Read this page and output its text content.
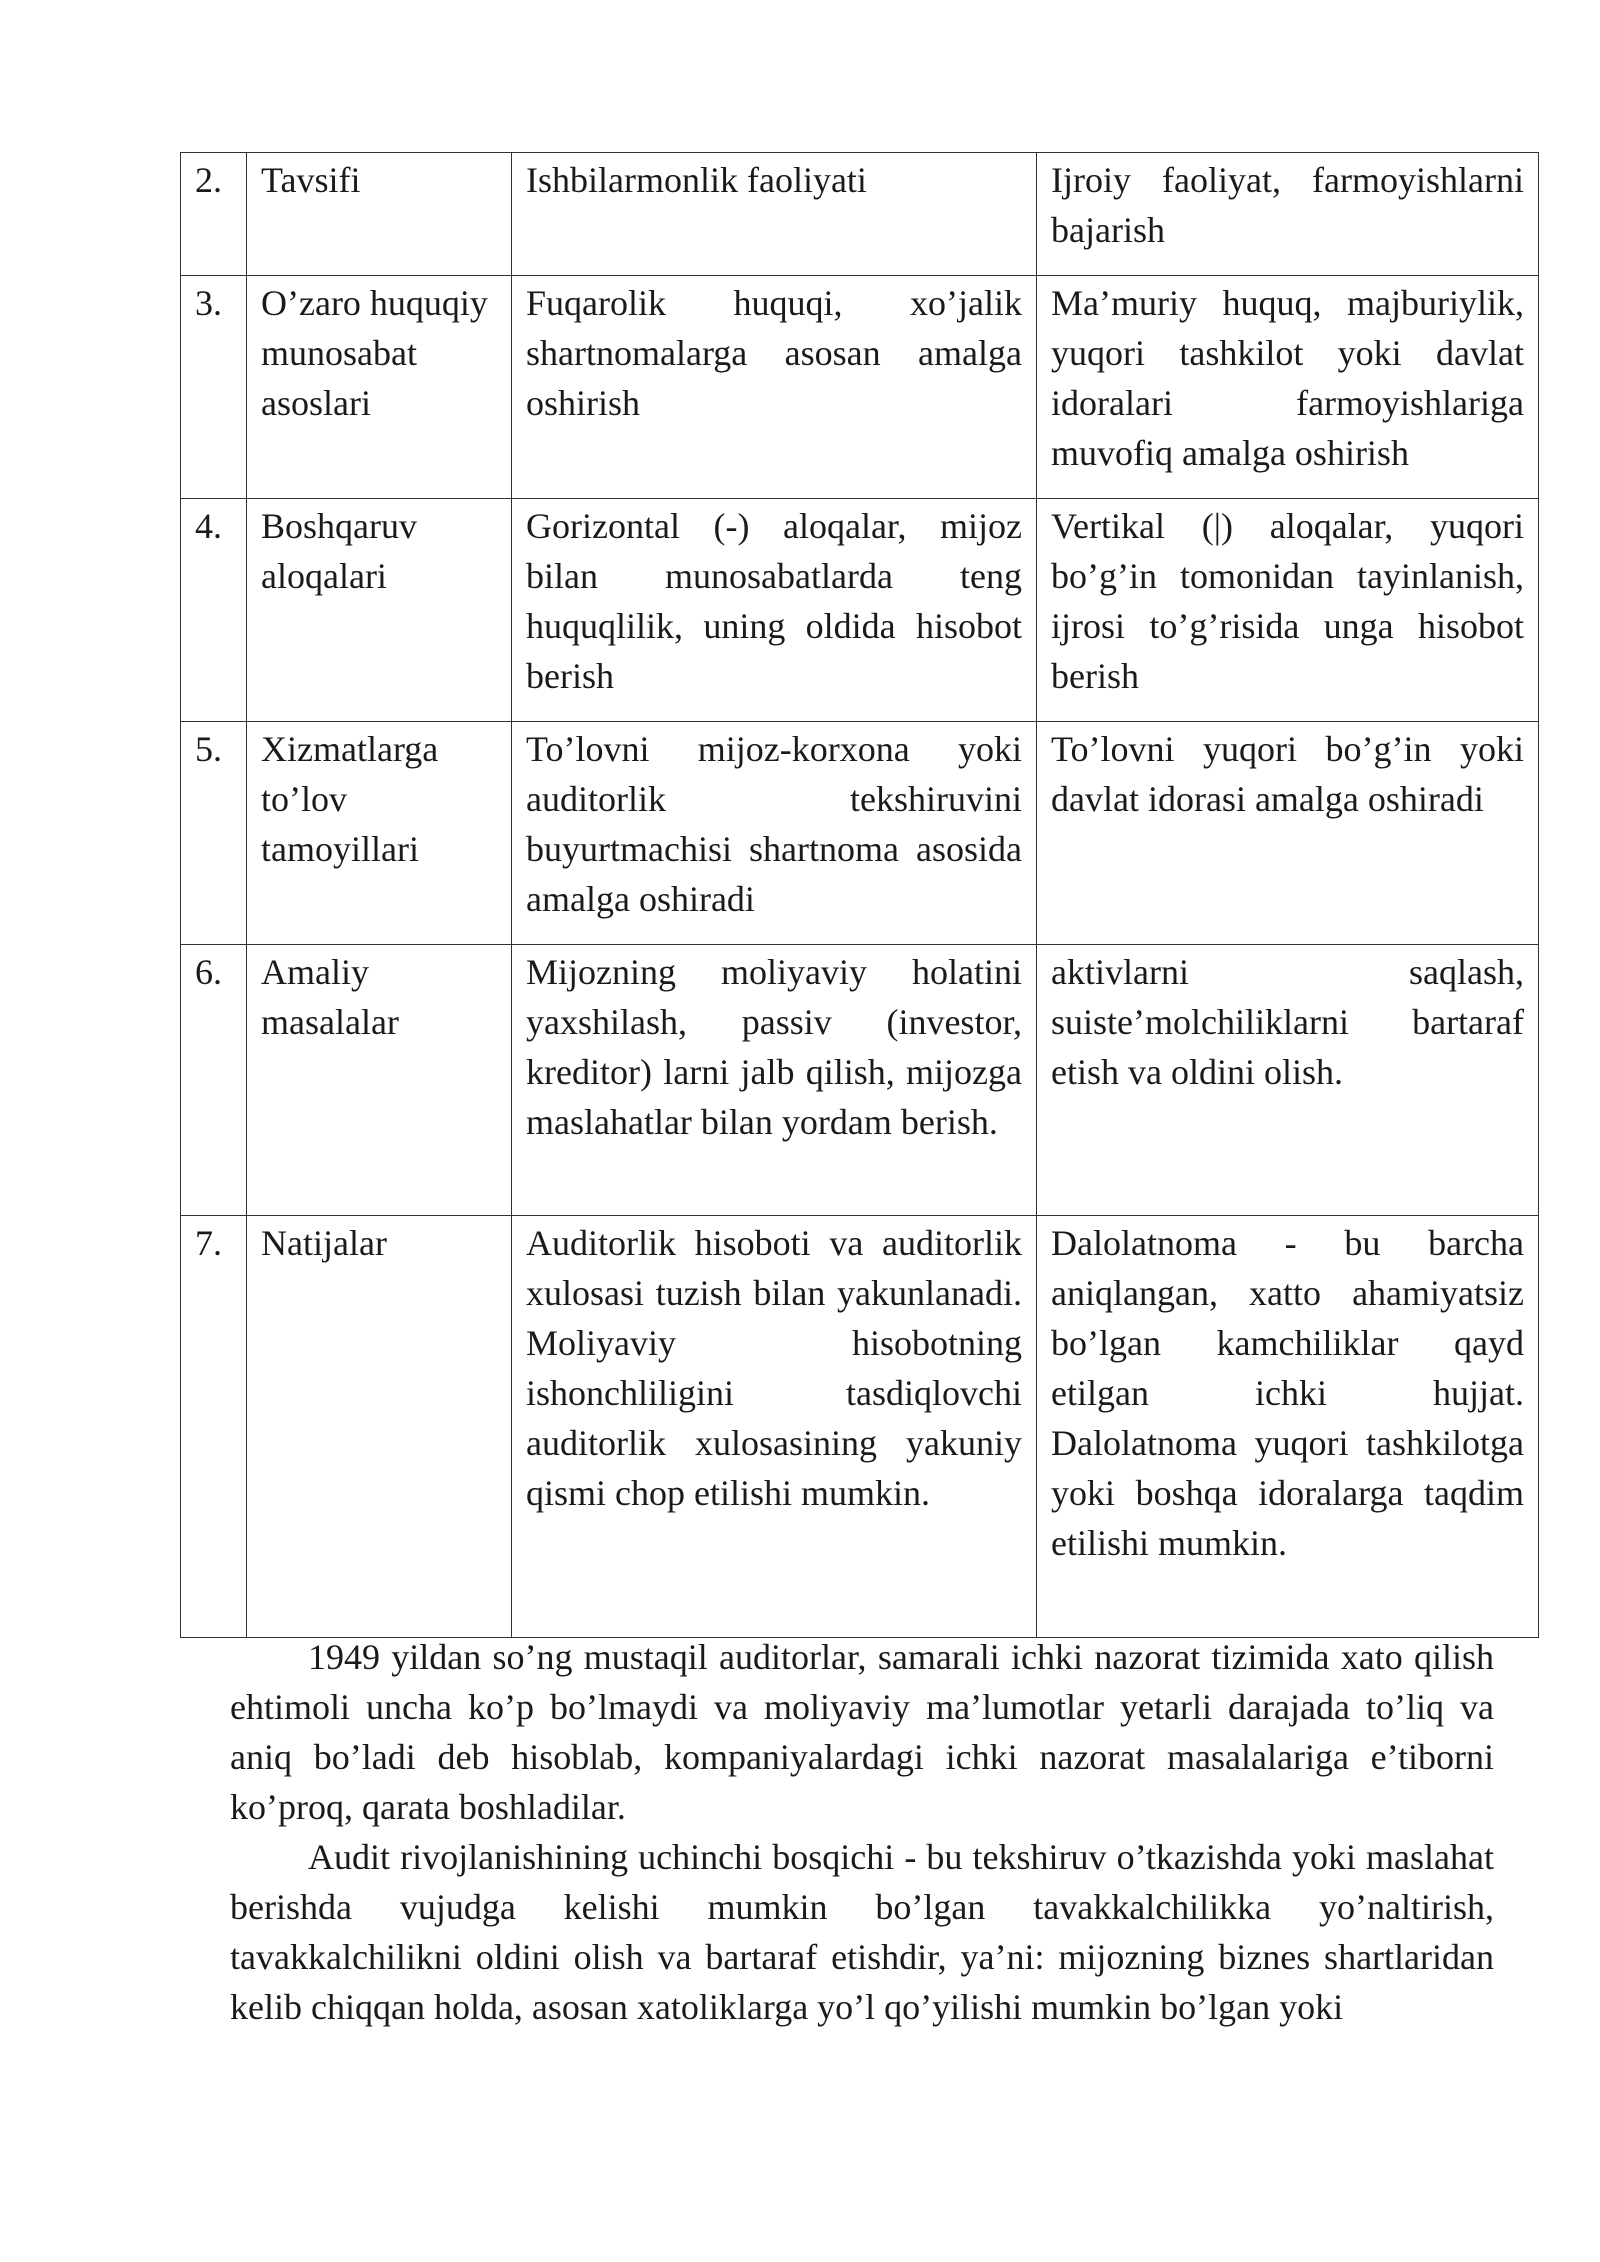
2.	Tavsifi	Ishbilarmonlik faoliyati	Ijroiy faoliyat, farmoyishlarni bajarish
3.	O’zaro huquqiy munosabat asoslari	Fuqarolik huquqi, xo’jalik shartnomalarga asosan amalga oshirish	Ma’muriy huquq, majburiylik, yuqori tashkilot yoki davlat idoralari farmoyishlariga muvofiq amalga oshirish
4.	Boshqaruv aloqalari	Gorizontal (-) aloqalar, mijoz bilan munosabatlarda teng huquqlilik, uning oldida hisobot berish	Vertikal (|) aloqalar, yuqori bo’g’in tomonidan tayinlanish, ijrosi to’g’risida unga hisobot berish
5.	Xizmatlarga to’lov tamoyillari	To’lovni mijoz-korxona yoki auditorlik tekshiruvini buyurtmachisi shartnoma asosida amalga oshiradi	To’lovni yuqori bo’g’in yoki davlat idorasi amalga oshiradi
6.	Amaliy masalalar	Mijozning moliyaviy holatini yaxshilash, passiv (investor, kreditor) larni jalb qilish, mijozga maslahatlar bilan yordam berish.	aktivlarni saqlash, suiste’molchiliklarni bartaraf etish va oldini olish.
7.	Natijalar	Auditorlik hisoboti va auditorlik xulosasi tuzish bilan yakunlanadi. Moliyaviy hisobotning ishonchliligini tasdiqlovchi auditorlik xulosasining yakuniy qismi chop etilishi mumkin.	Dalolatnoma - bu barcha aniqlangan, xatto ahamiyatsiz bo’lgan kamchiliklar qayd etilgan ichki hujjat. Dalolatnoma yuqori tashkilotga yoki boshqa idoralarga taqdim etilishi mumkin.

1949 yildan so’ng mustaqil auditorlar, samarali ichki nazorat tizimida xato qilish ehtimoli uncha ko’p bo’lmaydi va moliyaviy ma’lumotlar yetarli darajada to’liq va aniq bo’ladi deb hisoblab, kompaniyalardagi ichki nazorat masalalariga e’tiborni ko’proq, qarata boshladilar.

Audit rivojlanishining uchinchi bosqichi - bu tekshiruv o’tkazishda yoki maslahat berishda vujudga kelishi mumkin bo’lgan tavakkalchilikka yo’naltirish, tavakkalchilikni oldini olish va bartaraf etishdir, ya’ni: mijozning biznes shartlaridan kelib chiqqan holda, asosan xatoliklarga yo’l qo’yilishi mumkin bo’lgan yoki
